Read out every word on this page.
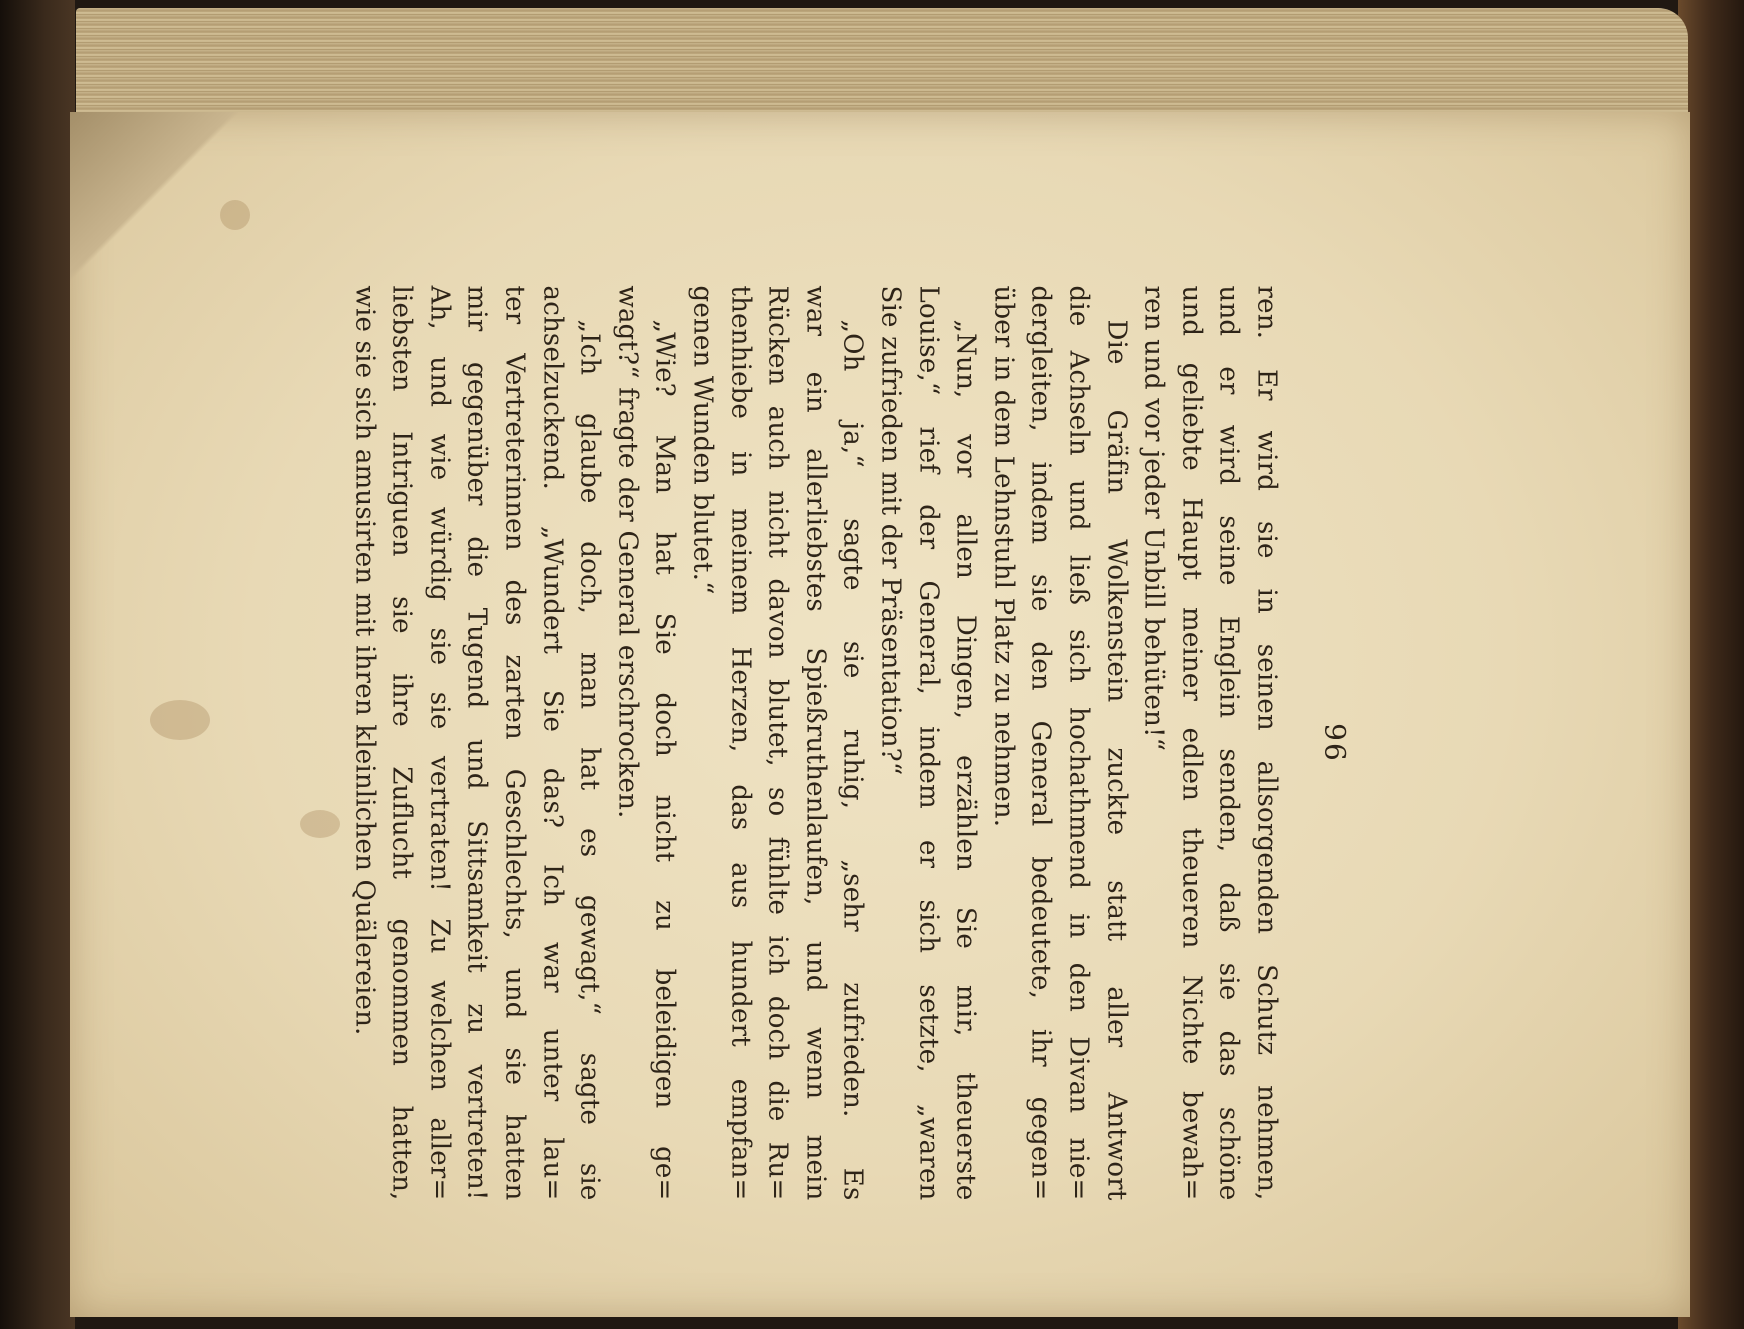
96
ren. Er wird sie in seinen allsorgenden Schutz nehmen,
und er wird seine Englein senden, daß sie das schöne
und geliebte Haupt meiner edlen theueren Nichte bewah=
ren und vor jeder Unbill behüten!“
Die Gräfin Wolkenstein zuckte statt aller Antwort
die Achseln und ließ sich hochathmend in den Divan nie=
dergleiten, indem sie den General bedeutete, ihr gegen=
über in dem Lehnstuhl Platz zu nehmen.
„Nun, vor allen Dingen, erzählen Sie mir, theuerste
Louise,“ rief der General, indem er sich setzte, „waren
Sie zufrieden mit der Präsentation?“
„Oh ja,“ sagte sie ruhig, „sehr zufrieden. Es
war ein allerliebstes Spießruthenlaufen, und wenn mein
Rücken auch nicht davon blutet, so fühlte ich doch die Ru=
thenhiebe in meinem Herzen, das aus hundert empfan=
genen Wunden blutet.“
„Wie? Man hat Sie doch nicht zu beleidigen ge=
wagt?“ fragte der General erschrocken.
„Ich glaube doch, man hat es gewagt,“ sagte sie
achselzuckend. „Wundert Sie das? Ich war unter lau=
ter Vertreterinnen des zarten Geschlechts, und sie hatten
mir gegenüber die Tugend und Sittsamkeit zu vertreten!
Ah, und wie würdig sie sie vertraten! Zu welchen aller=
liebsten Intriguen sie ihre Zuflucht genommen hatten,
wie sie sich amusirten mit ihren kleinlichen Quälereien.
